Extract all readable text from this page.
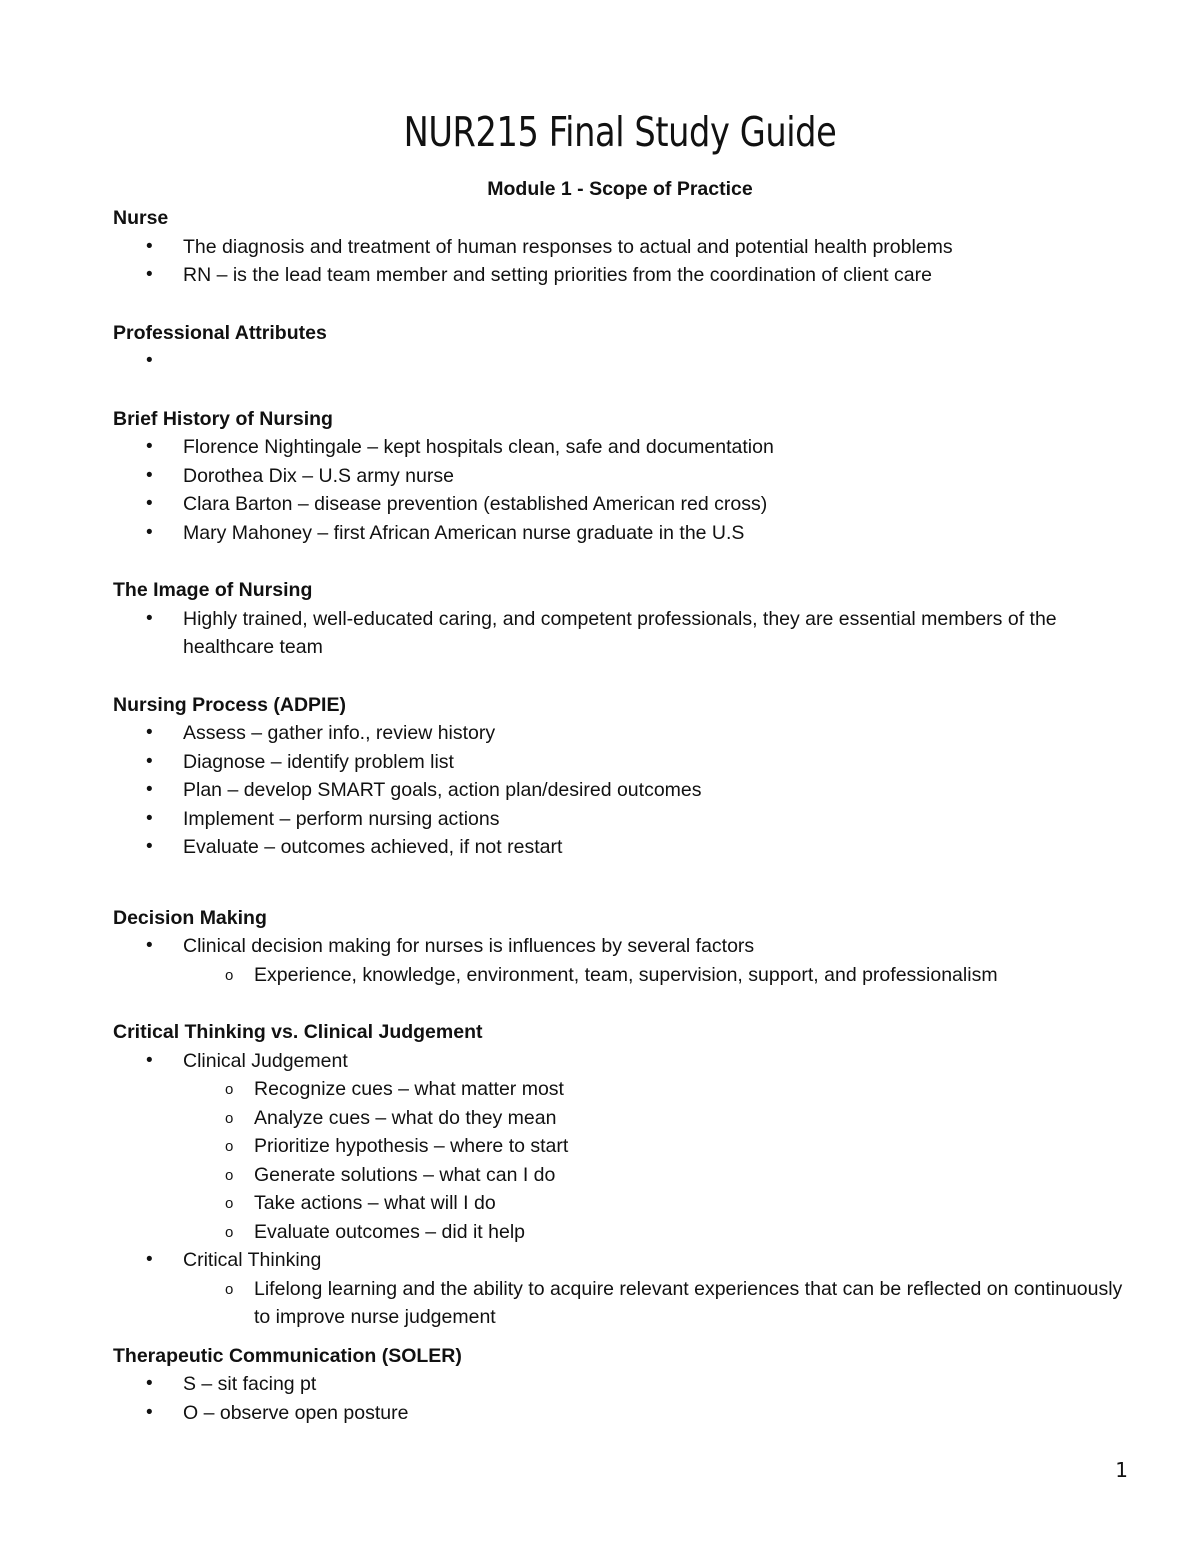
NUR215 Final Study Guide
Module 1 - Scope of Practice
Nurse
• The diagnosis and treatment of human responses to actual and potential health problems
• RN – is the lead team member and setting priorities from the coordination of client care
Professional Attributes
•
Brief History of Nursing
• Florence Nightingale – kept hospitals clean, safe and documentation
• Dorothea Dix – U.S army nurse
• Clara Barton – disease prevention (established American red cross)
• Mary Mahoney – first African American nurse graduate in the U.S
The Image of Nursing
• Highly trained, well-educated caring, and competent professionals, they are essential members of the healthcare team
Nursing Process (ADPIE)
• Assess – gather info., review history
• Diagnose – identify problem list
• Plan – develop SMART goals, action plan/desired outcomes
• Implement – perform nursing actions
• Evaluate – outcomes achieved, if not restart
Decision Making
• Clinical decision making for nurses is influences by several factors
o Experience, knowledge, environment, team, supervision, support, and professionalism
Critical Thinking vs. Clinical Judgement
• Clinical Judgement
o Recognize cues – what matter most
o Analyze cues – what do they mean
o Prioritize hypothesis – where to start
o Generate solutions – what can I do
o Take actions – what will I do
o Evaluate outcomes – did it help
• Critical Thinking
o Lifelong learning and the ability to acquire relevant experiences that can be reflected on continuously to improve nurse judgement
Therapeutic Communication (SOLER)
• S – sit facing pt
• O – observe open posture
1
